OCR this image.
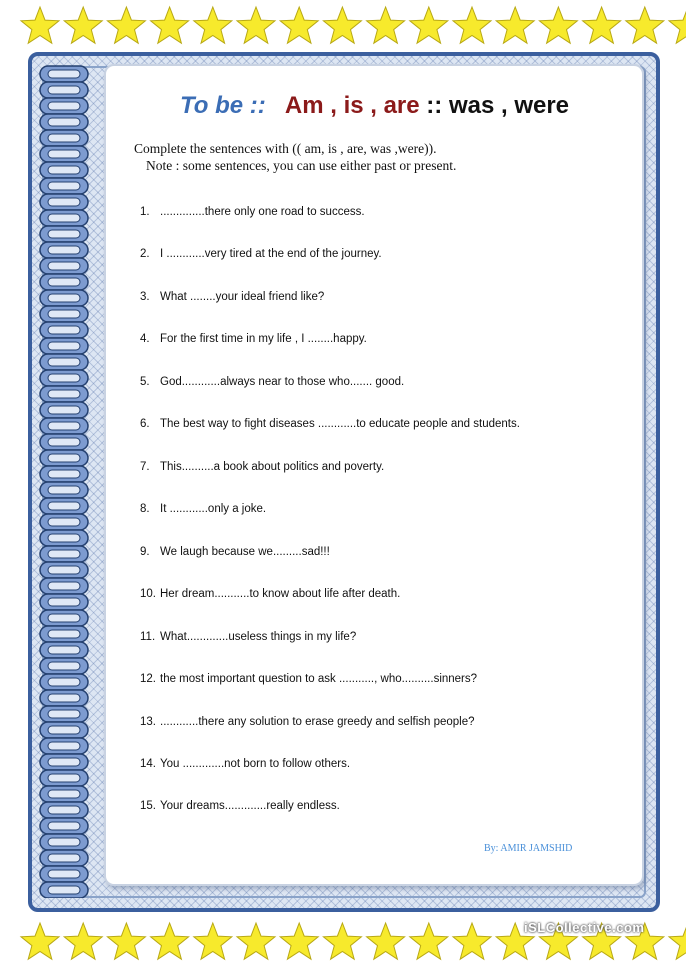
To be :: Am , is , are :: was , were
Complete the sentences with (( am, is , are, was ,were)).
Note : some sentences, you can use either past or present.
1. ..............there only one road to success.
2. I ............very tired at the end of the journey.
3. What ........your ideal friend like?
4. For the first time in my life , I ........happy.
5. God............always near to those who....... good.
6. The best way to fight diseases ............to educate people and students.
7. This..........a book about politics and poverty.
8. It ............only a joke.
9. We laugh because we.........sad!!!
10. Her dream...........to know about life after death.
11. What.............useless things in my life?
12. the most important question to ask ..........., who..........sinners?
13. ............there any solution to erase greedy and selfish people?
14. You .............not born to follow others.
15. Your dreams.............really endless.
By: AMIR JAMSHID
iSLCollective.com
